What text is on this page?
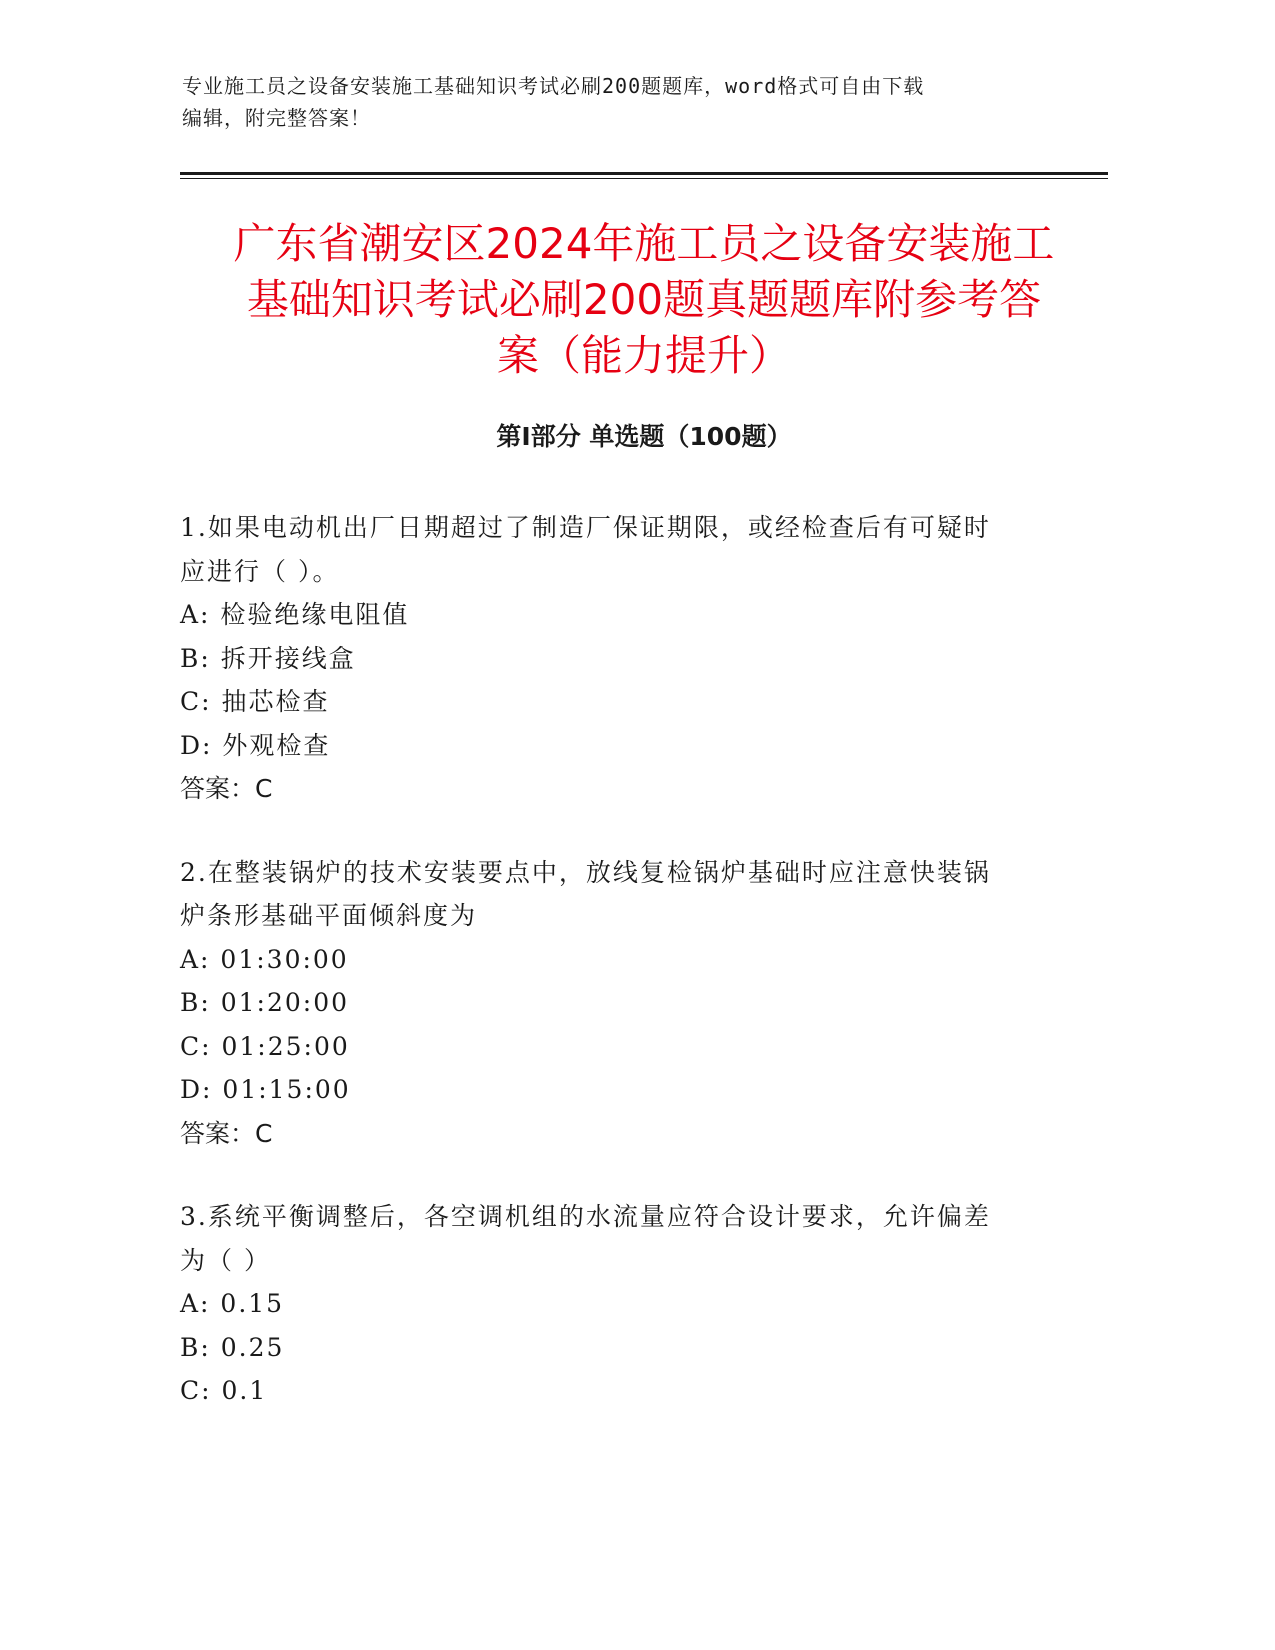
专业施工员之设备安装施工基础知识考试必刷200题题库，word格式可自由下载
编辑，附完整答案！
广东省潮安区2024年施工员之设备安装施工
基础知识考试必刷200题真题题库附参考答
案（能力提升）
第Ⅰ部分 单选题（100题）
1.如果电动机出厂日期超过了制造厂保证期限，或经检查后有可疑时
应进行（ ）。
A: 检验绝缘电阻值
B: 拆开接线盒
C: 抽芯检查
D: 外观检查
答案：C
2.在整装锅炉的技术安装要点中，放线复检锅炉基础时应注意快装锅
炉条形基础平面倾斜度为
A: 01:30:00
B: 01:20:00
C: 01:25:00
D: 01:15:00
答案：C
3.系统平衡调整后，各空调机组的水流量应符合设计要求，允许偏差
为（ ）
A: 0.15
B: 0.25
C: 0.1
